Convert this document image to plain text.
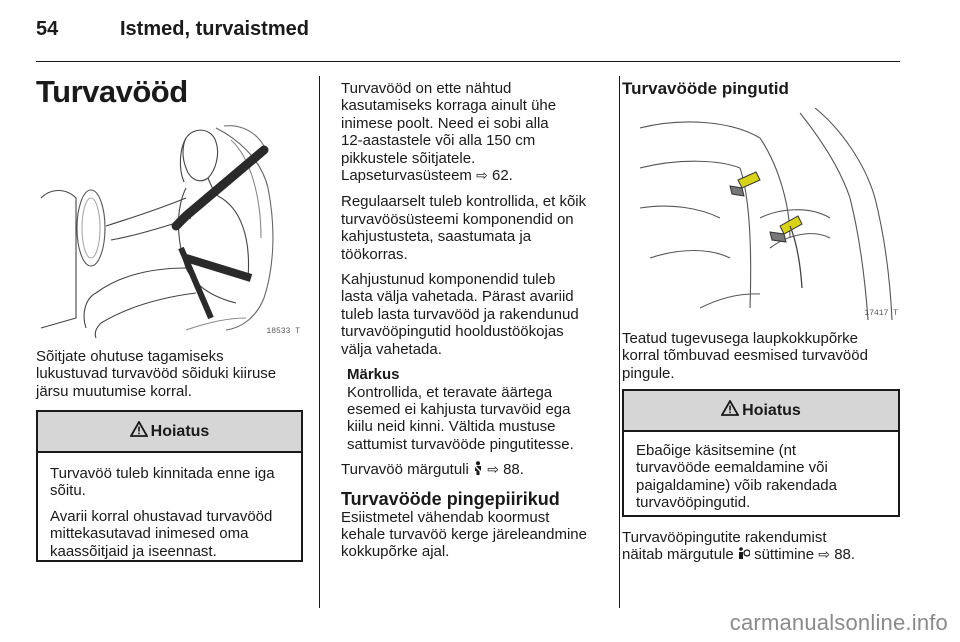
54	Istmed, turvaistmed
Turvavööd
18533 T
Sõitjate ohutuse tagamiseks
lukustuvad turvavööd sõiduki kiiruse
järsu muutumise korral.
Hoiatus

Turvavöö tuleb kinnitada enne iga
sõitu.

Avarii korral ohustavad turvavööd
mittekasutavad inimesed oma
kaassõitjaid ja iseennast.

Turvavööd on ette nähtud
kasutamiseks korraga ainult ühe
inimese poolt. Need ei sobi alla
12-aastastele või alla 150 cm
pikkustele sõitjatele.
Lapseturvasüsteem ⇨ 62.

Regulaarselt tuleb kontrollida, et kõik
turvavöösüsteemi komponendid on
kahjustusteta, saastumata ja
töökorras.

Kahjustunud komponendid tuleb
lasta välja vahetada. Pärast avariid
tuleb lasta turvavööd ja rakendunud
turvavööpingutid hooldustöökojas
välja vahetada.

Märkus
Kontrollida, et teravate äärtega
esemed ei kahjusta turvavöid ega
kiilu neid kinni. Vältida mustuse
sattumist turvavööde pingutitesse.

Turvavöö märgutuli ⇨ 88.

Turvavööde pingepiirikud
Esiistmetel vähendab koormust
kehale turvavöö kerge järeleandmine
kokkupõrke ajal.
Turvavööde pingutid
17417 T
Teatud tugevusega laupkokkupõrke
korral tõmbuvad eesmised turvavööd
pingule.
Hoiatus
Ebaõige käsitsemine (nt
turvavööde eemaldamine või
paigaldamine) võib rakendada
turvavööpingutid.
Turvavööpingutite rakendumist
näitab märgutule süttimine ⇨ 88.
carmanualsonline.info
